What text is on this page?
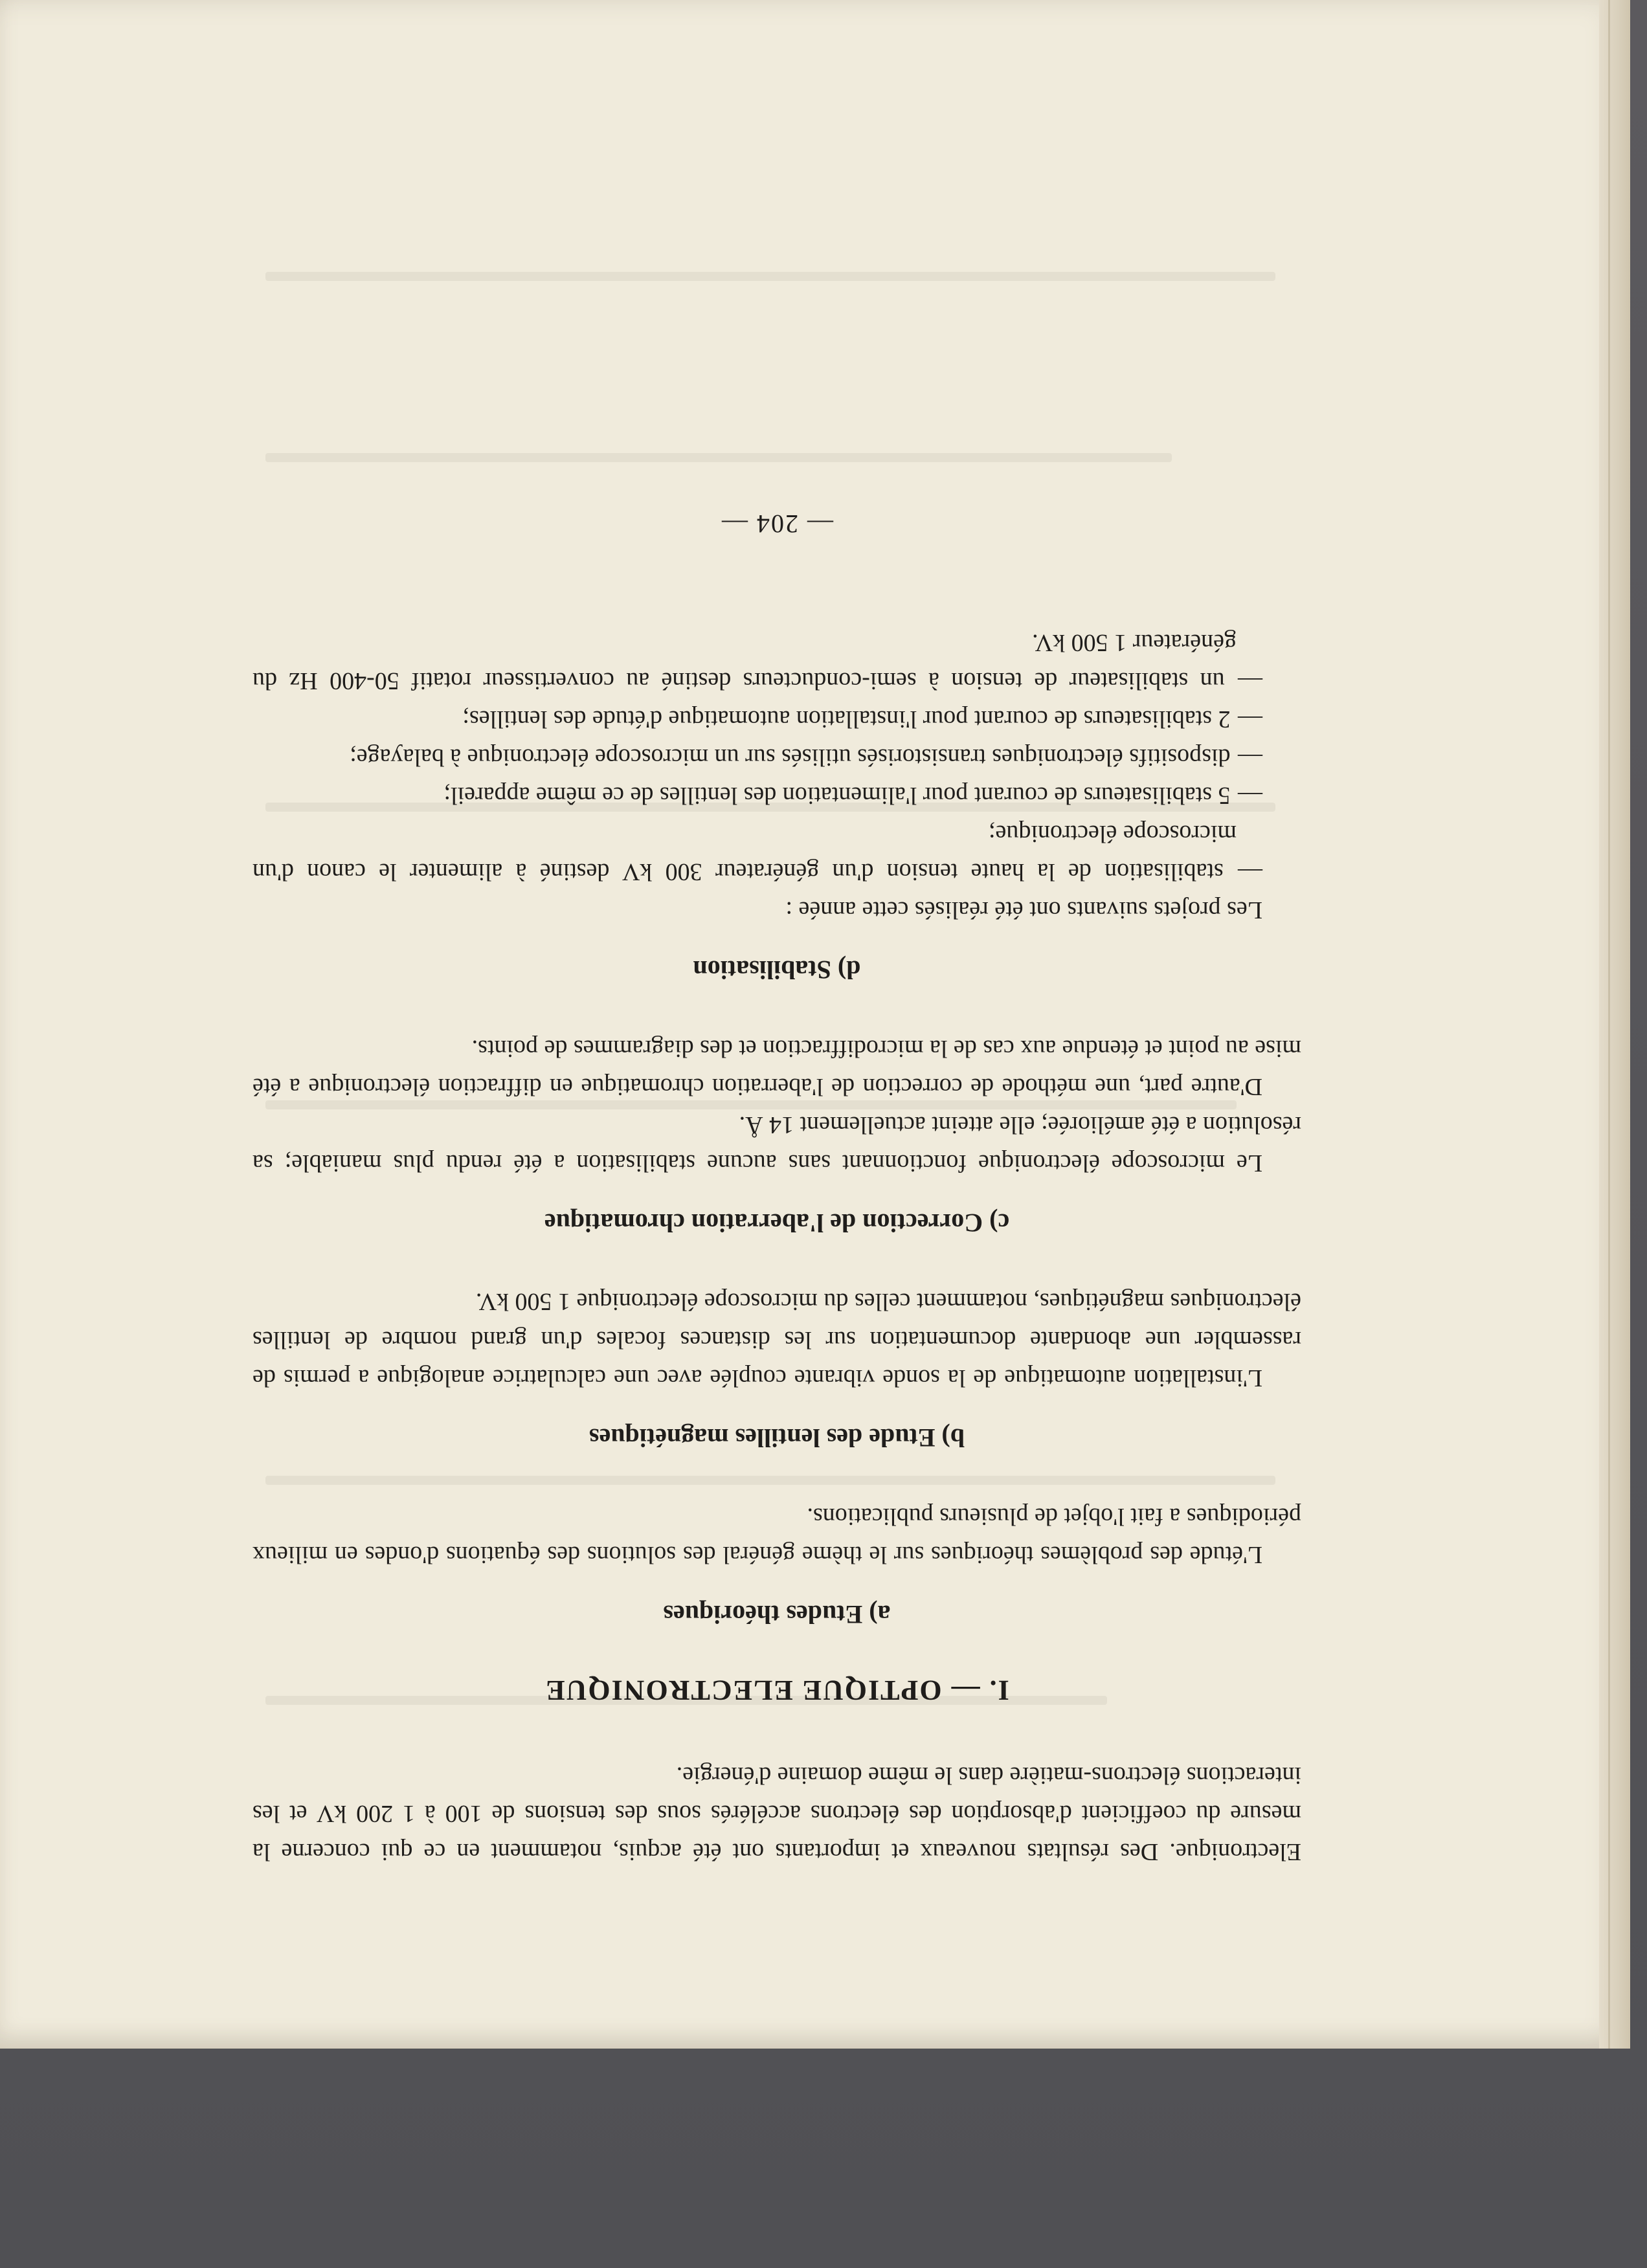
Electronique. Des résultats nouveaux et importants ont été acquis, notamment en ce qui concerne la mesure du coefficient d'absorption des électrons accélérés sous des tensions de 100 à 1 200 kV et les interactions électrons-matière dans le même domaine d'énergie.

I. — OPTIQUE ELECTRONIQUE
a) Etudes théoriques

L'étude des problèmes théoriques sur le thème général des solutions des équations d'ondes en milieux périodiques a fait l'objet de plusieurs publications.

b) Etude des lentilles magnétiques

L'installation automatique de la sonde vibrante couplée avec une calculatrice analogique a permis de rassembler une abondante documentation sur les distances focales d'un grand nombre de lentilles électroniques magnétiques, notamment celles du microscope électronique 1 500 kV.

c) Correction de l'aberration chromatique

Le microscope électronique fonctionnant sans aucune stabilisation a été rendu plus maniable; sa résolution a été améliorée; elle atteint actuellement 14 Å.

D'autre part, une méthode de correction de l'aberration chromatique en diffraction électronique a été mise au point et étendue aux cas de la microdiffraction et des diagrammes de points.

d) Stabilisation

Les projets suivants ont été réalisés cette année :

— stabilisation de la haute tension d'un générateur 300 kV destiné à alimenter le canon d'un microscope électronique;
— 5 stabilisateurs de courant pour l'alimentation des lentilles de ce même appareil;
— dispositifs électroniques transistorisés utilisés sur un microscope électronique à balayage;
— 2 stabilisateurs de courant pour l'installation automatique d'étude des lentilles;
— un stabilisateur de tension à semi-conducteurs destiné au convertisseur rotatif 50-400 Hz du générateur 1 500 kV.
— 204 —
